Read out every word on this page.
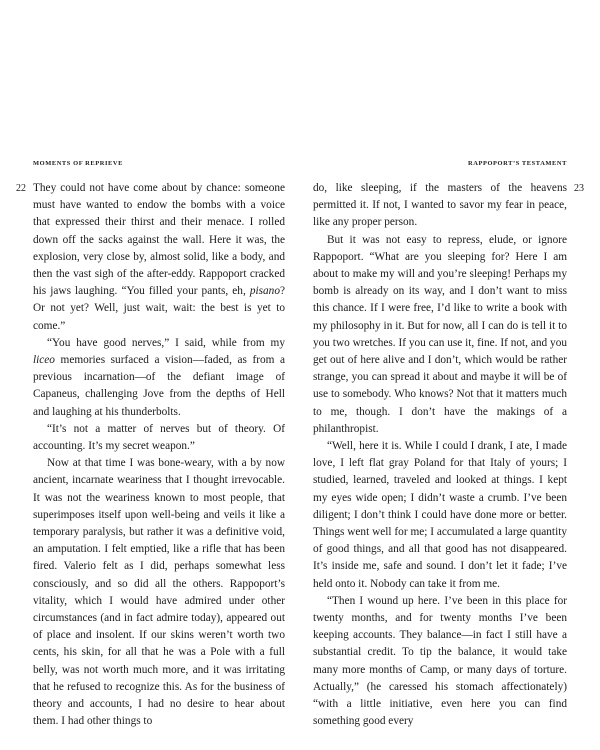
MOMENTS OF REPRIEVE
22 They could not have come about by chance: someone must have wanted to endow the bombs with a voice that expressed their thirst and their menace. I rolled down off the sacks against the wall. Here it was, the explosion, very close by, almost solid, like a body, and then the vast sigh of the after-eddy. Rappoport cracked his jaws laughing. “You filled your pants, eh, pisano? Or not yet? Well, just wait, wait: the best is yet to come.”

“You have good nerves,” I said, while from my liceo memories surfaced a vision—faded, as from a previous incarnation—of the defiant image of Capaneus, challenging Jove from the depths of Hell and laughing at his thunderbolts.

“It’s not a matter of nerves but of theory. Of accounting. It’s my secret weapon.”

Now at that time I was bone-weary, with a by now ancient, incarnate weariness that I thought irrevocable. It was not the weariness known to most people, that superimposes itself upon well-being and veils it like a temporary paralysis, but rather it was a definitive void, an amputation. I felt emptied, like a rifle that has been fired. Valerio felt as I did, perhaps somewhat less consciously, and so did all the others. Rappoport’s vitality, which I would have admired under other circumstances (and in fact admire today), appeared out of place and insolent. If our skins weren’t worth two cents, his skin, for all that he was a Pole with a full belly, was not worth much more, and it was irritating that he refused to recognize this. As for the business of theory and accounts, I had no desire to hear about them. I had other things to

RAPPOPORT’S TESTAMENT
23

do, like sleeping, if the masters of the heavens permitted it. If not, I wanted to savor my fear in peace, like any proper person.

But it was not easy to repress, elude, or ignore Rappoport. “What are you sleeping for? Here I am about to make my will and you’re sleeping! Perhaps my bomb is already on its way, and I don’t want to miss this chance. If I were free, I’d like to write a book with my philosophy in it. But for now, all I can do is tell it to you two wretches. If you can use it, fine. If not, and you get out of here alive and I don’t, which would be rather strange, you can spread it about and maybe it will be of use to somebody. Who knows? Not that it matters much to me, though. I don’t have the makings of a philanthropist.

“Well, here it is. While I could I drank, I ate, I made love, I left flat gray Poland for that Italy of yours; I studied, learned, traveled and looked at things. I kept my eyes wide open; I didn’t waste a crumb. I’ve been diligent; I don’t think I could have done more or better. Things went well for me; I accumulated a large quantity of good things, and all that good has not disappeared. It’s inside me, safe and sound. I don’t let it fade; I’ve held onto it. Nobody can take it from me.

“Then I wound up here. I’ve been in this place for twenty months, and for twenty months I’ve been keeping accounts. They balance—in fact I still have a substantial credit. To tip the balance, it would take many more months of Camp, or many days of torture. Actually,” (he caressed his stomach affectionately) “with a little initiative, even here you can find something good every
